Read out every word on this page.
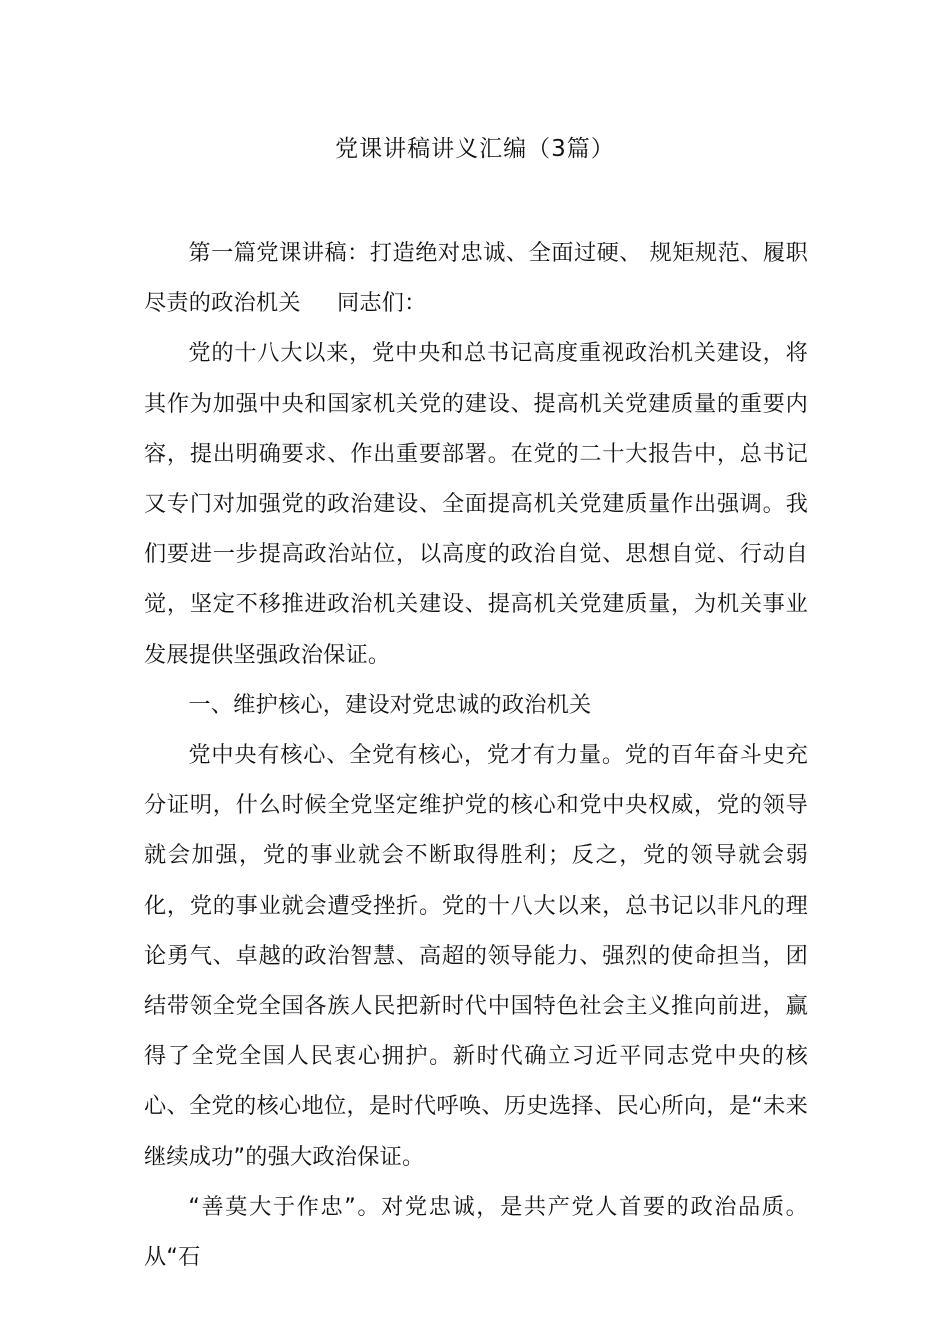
党课讲稿讲义汇编（3篇）

第一篇党课讲稿：打造绝对忠诚、全面过硬、 规矩规范、履职尽责的政治机关     同志们：

党的十八大以来，党中央和总书记高度重视政治机关建设，将其作为加强中央和国家机关党的建设、提高机关党建质量的重要内容，提出明确要求、作出重要部署。在党的二十大报告中，总书记又专门对加强党的政治建设、全面提高机关党建质量作出强调。我们要进一步提高政治站位，以高度的政治自觉、思想自觉、行动自觉，坚定不移推进政治机关建设、提高机关党建质量，为机关事业发展提供坚强政治保证。

一、维护核心，建设对党忠诚的政治机关

党中央有核心、全党有核心，党才有力量。党的百年奋斗史充分证明，什么时候全党坚定维护党的核心和党中央权威，党的领导就会加强，党的事业就会不断取得胜利；反之，党的领导就会弱化，党的事业就会遭受挫折。党的十八大以来，总书记以非凡的理论勇气、卓越的政治智慧、高超的领导能力、强烈的使命担当，团结带领全党全国各族人民把新时代中国特色社会主义推向前进，赢得了全党全国人民衷心拥护。新时代确立习近平同志党中央的核心、全党的核心地位，是时代呼唤、历史选择、民心所向，是“未来继续成功”的强大政治保证。

“善莫大于作忠”。对党忠诚，是共产党人首要的政治品质。从“石
